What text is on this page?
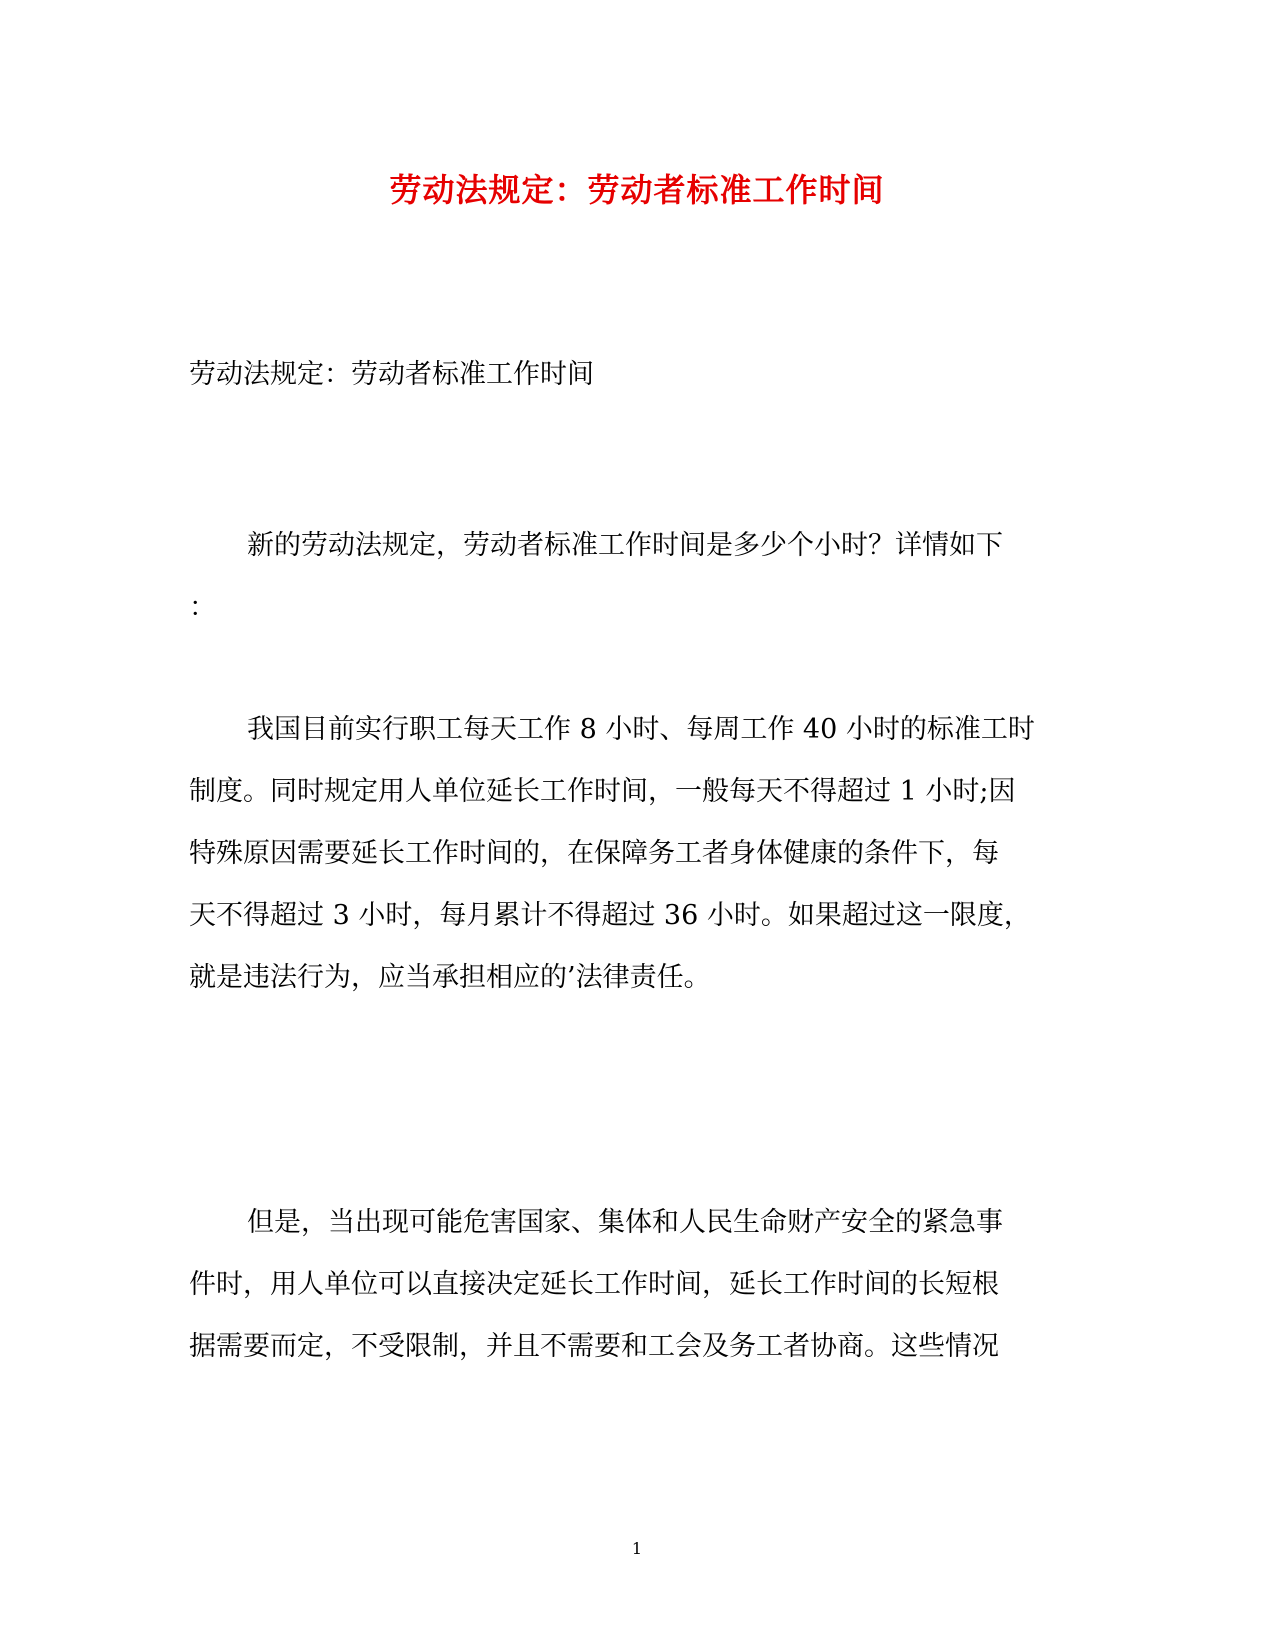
劳动法规定：劳动者标准工作时间
劳动法规定：劳动者标准工作时间
新的劳动法规定，劳动者标准工作时间是多少个小时？详情如下
：
我国目前实行职工每天工作 8 小时、每周工作 40 小时的标准工时
制度。同时规定用人单位延长工作时间，一般每天不得超过 1 小时;因
特殊原因需要延长工作时间的，在保障务工者身体健康的条件下，每
天不得超过 3 小时，每月累计不得超过 36 小时。如果超过这一限度，
就是违法行为，应当承担相应的’法律责任。
但是，当出现可能危害国家、集体和人民生命财产安全的紧急事
件时，用人单位可以直接决定延长工作时间，延长工作时间的长短根
据需要而定，不受限制，并且不需要和工会及务工者协商。这些情况
1
